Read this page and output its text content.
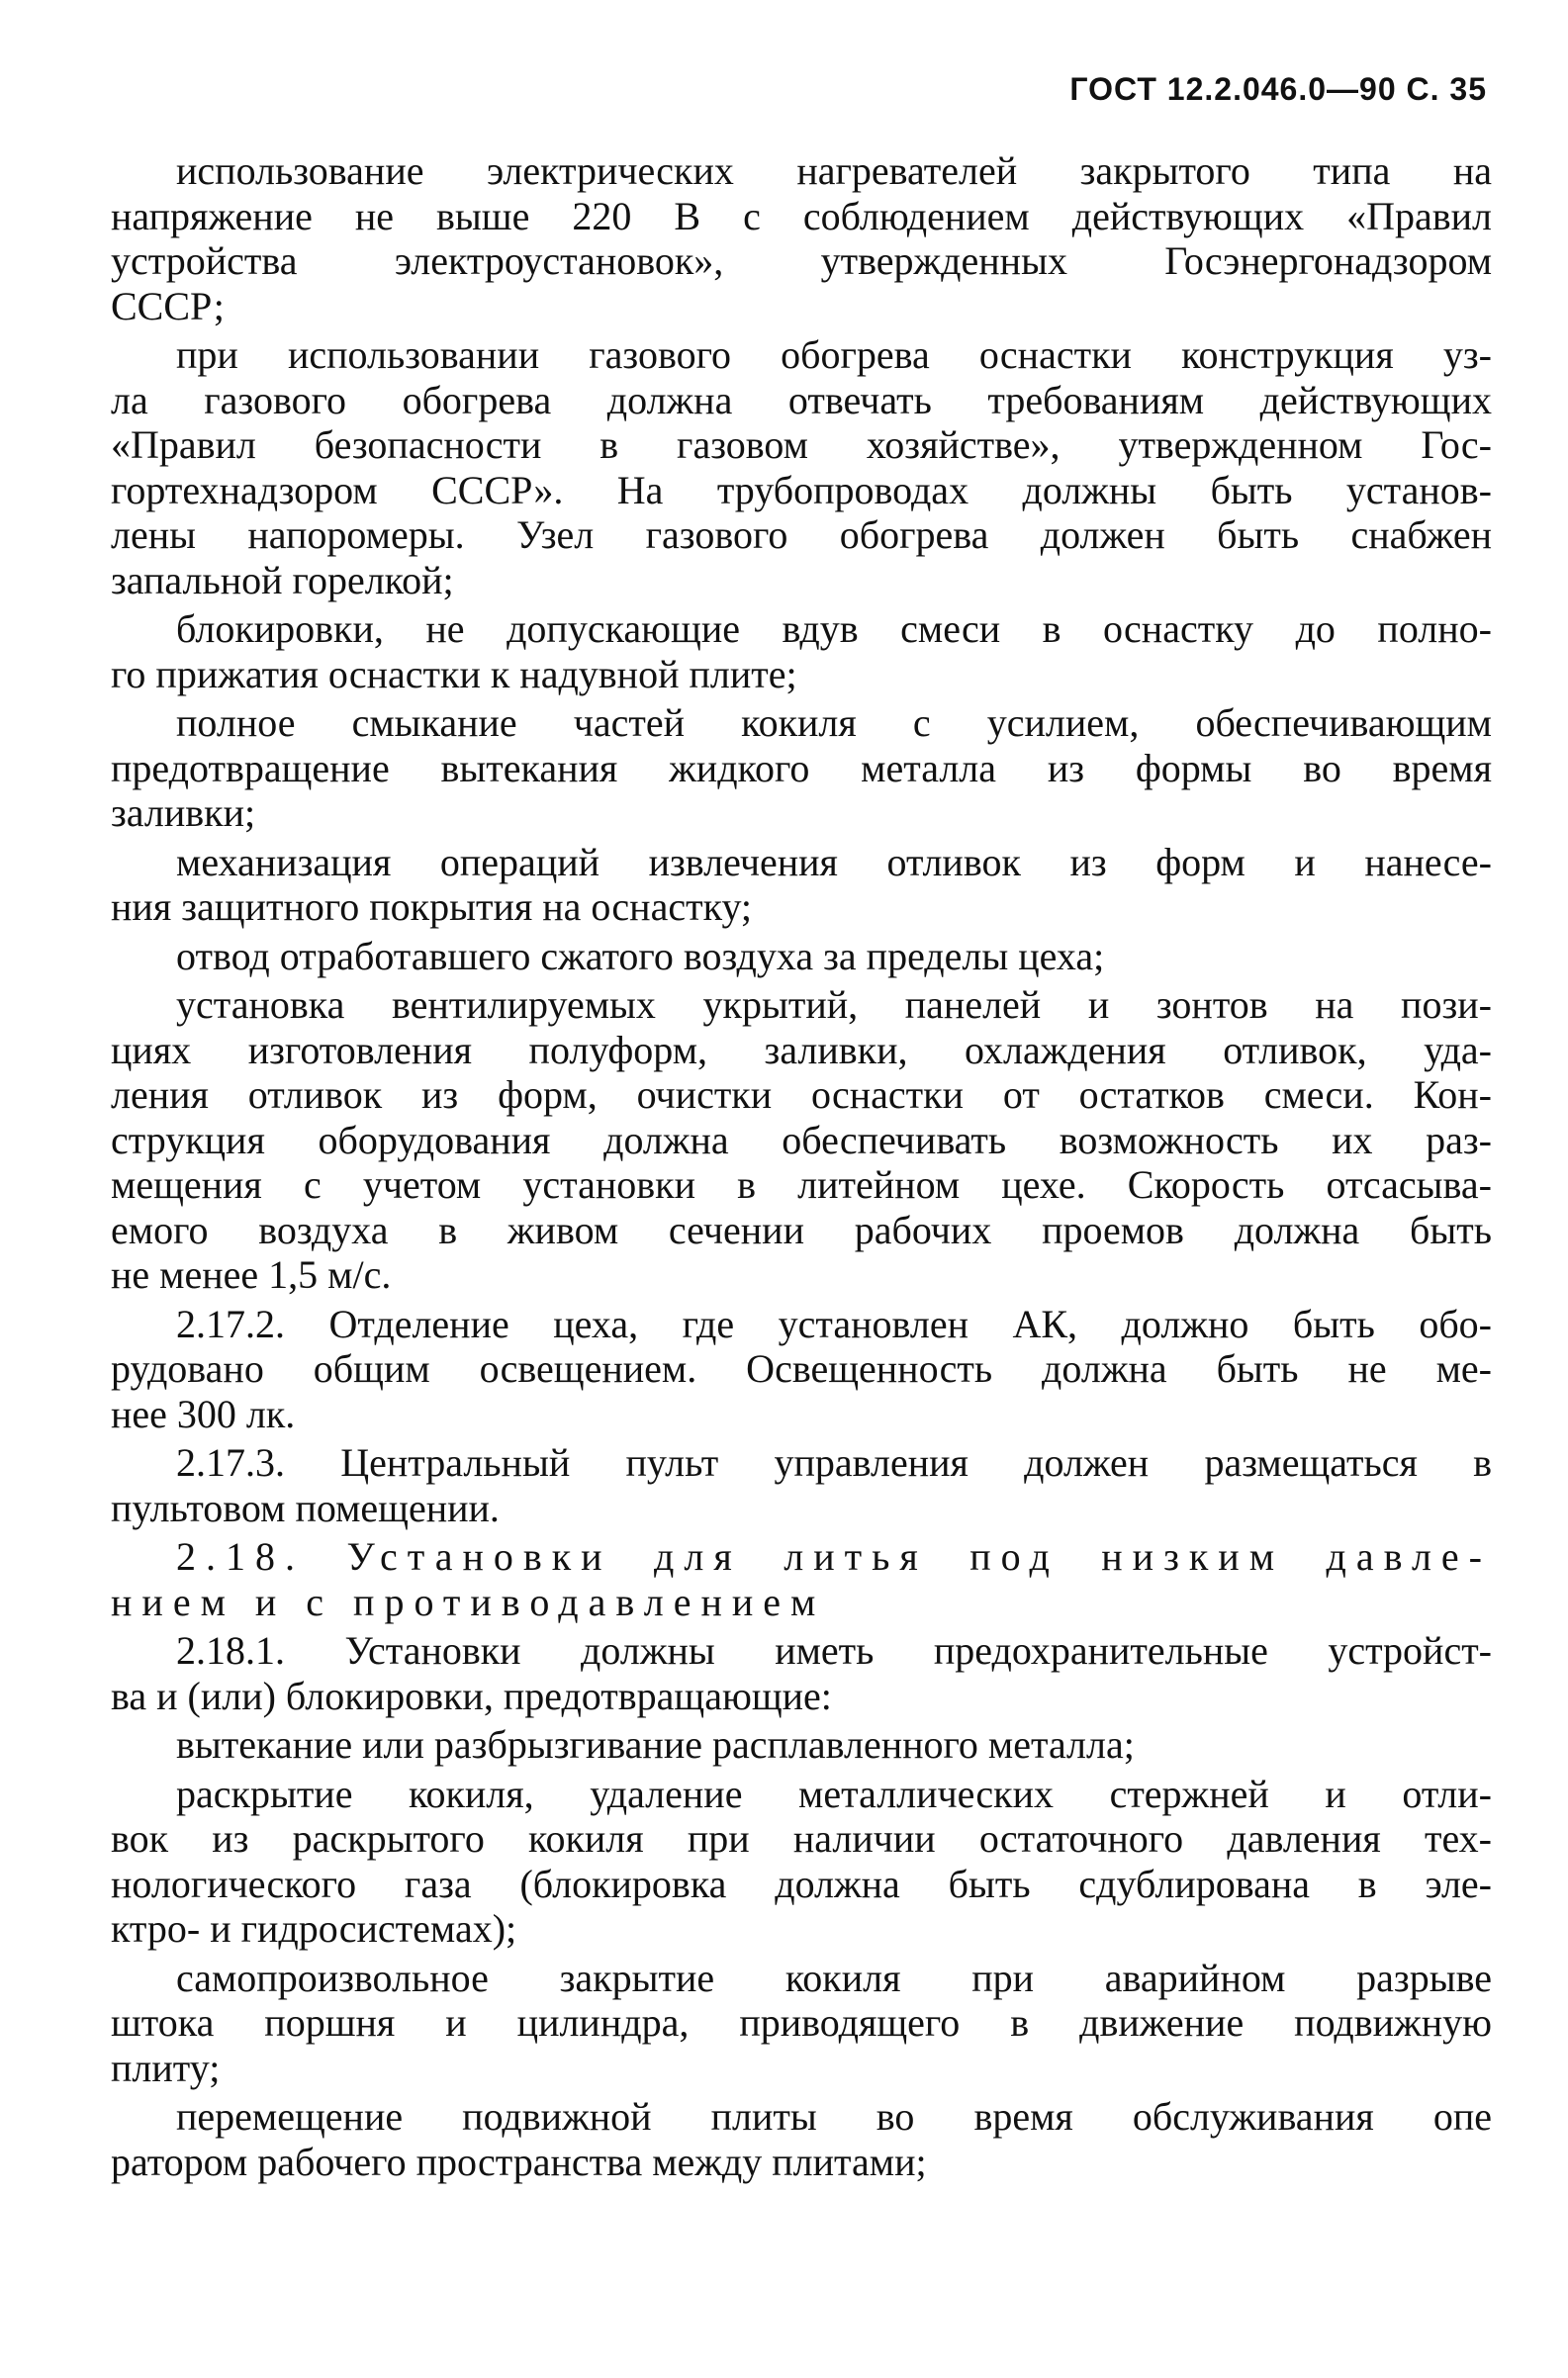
ГОСТ 12.2.046.0—90 С. 35
использование электрических нагревателей закрытого типа на
напряжение не выше 220 В с соблюдением действующих «Правил
устройства электроустановок», утвержденных Госэнергонадзором
СССР;
при использовании газового обогрева оснастки конструкция уз-
ла газового обогрева должна отвечать требованиям действующих
«Правил безопасности в газовом хозяйстве», утвержденном Гос-
гортехнадзором СССР». На трубопроводах должны быть установ-
лены напоромеры. Узел газового обогрева должен быть снабжен
запальной горелкой;
блокировки, не допускающие вдув смеси в оснастку до полно-
го прижатия оснастки к надувной плите;
полное смыкание частей кокиля с усилием, обеспечивающим
предотвращение вытекания жидкого металла из формы во время
заливки;
механизация операций извлечения отливок из форм и нанесе-
ния защитного покрытия на оснастку;
отвод отработавшего сжатого воздуха за пределы цеха;
установка вентилируемых укрытий, панелей и зонтов на пози-
циях изготовления полуформ, заливки, охлаждения отливок, уда-
ления отливок из форм, очистки оснастки от остатков смеси. Кон-
струкция оборудования должна обеспечивать возможность их раз-
мещения с учетом установки в литейном цехе. Скорость отсасыва-
емого воздуха в живом сечении рабочих проемов должна быть
не менее 1,5 м/с.
2.17.2. Отделение цеха, где установлен АК, должно быть обо-
рудовано общим освещением. Освещенность должна быть не ме-
нее 300 лк.
2.17.3. Центральный пульт управления должен размещаться в
пультовом помещении.
2.18. Установки для литья под низким давле-
нием и с противодавлением
2.18.1. Установки должны иметь предохранительные устройст-
ва и (или) блокировки, предотвращающие:
вытекание или разбрызгивание расплавленного металла;
раскрытие кокиля, удаление металлических стержней и отли-
вок из раскрытого кокиля при наличии остаточного давления тех-
нологического газа (блокировка должна быть сдублирована в эле-
ктро- и гидросистемах);
самопроизвольное закрытие кокиля при аварийном разрыве
штока поршня и цилиндра, приводящего в движение подвижную
плиту;
перемещение подвижной плиты во время обслуживания опе
ратором рабочего пространства между плитами;
